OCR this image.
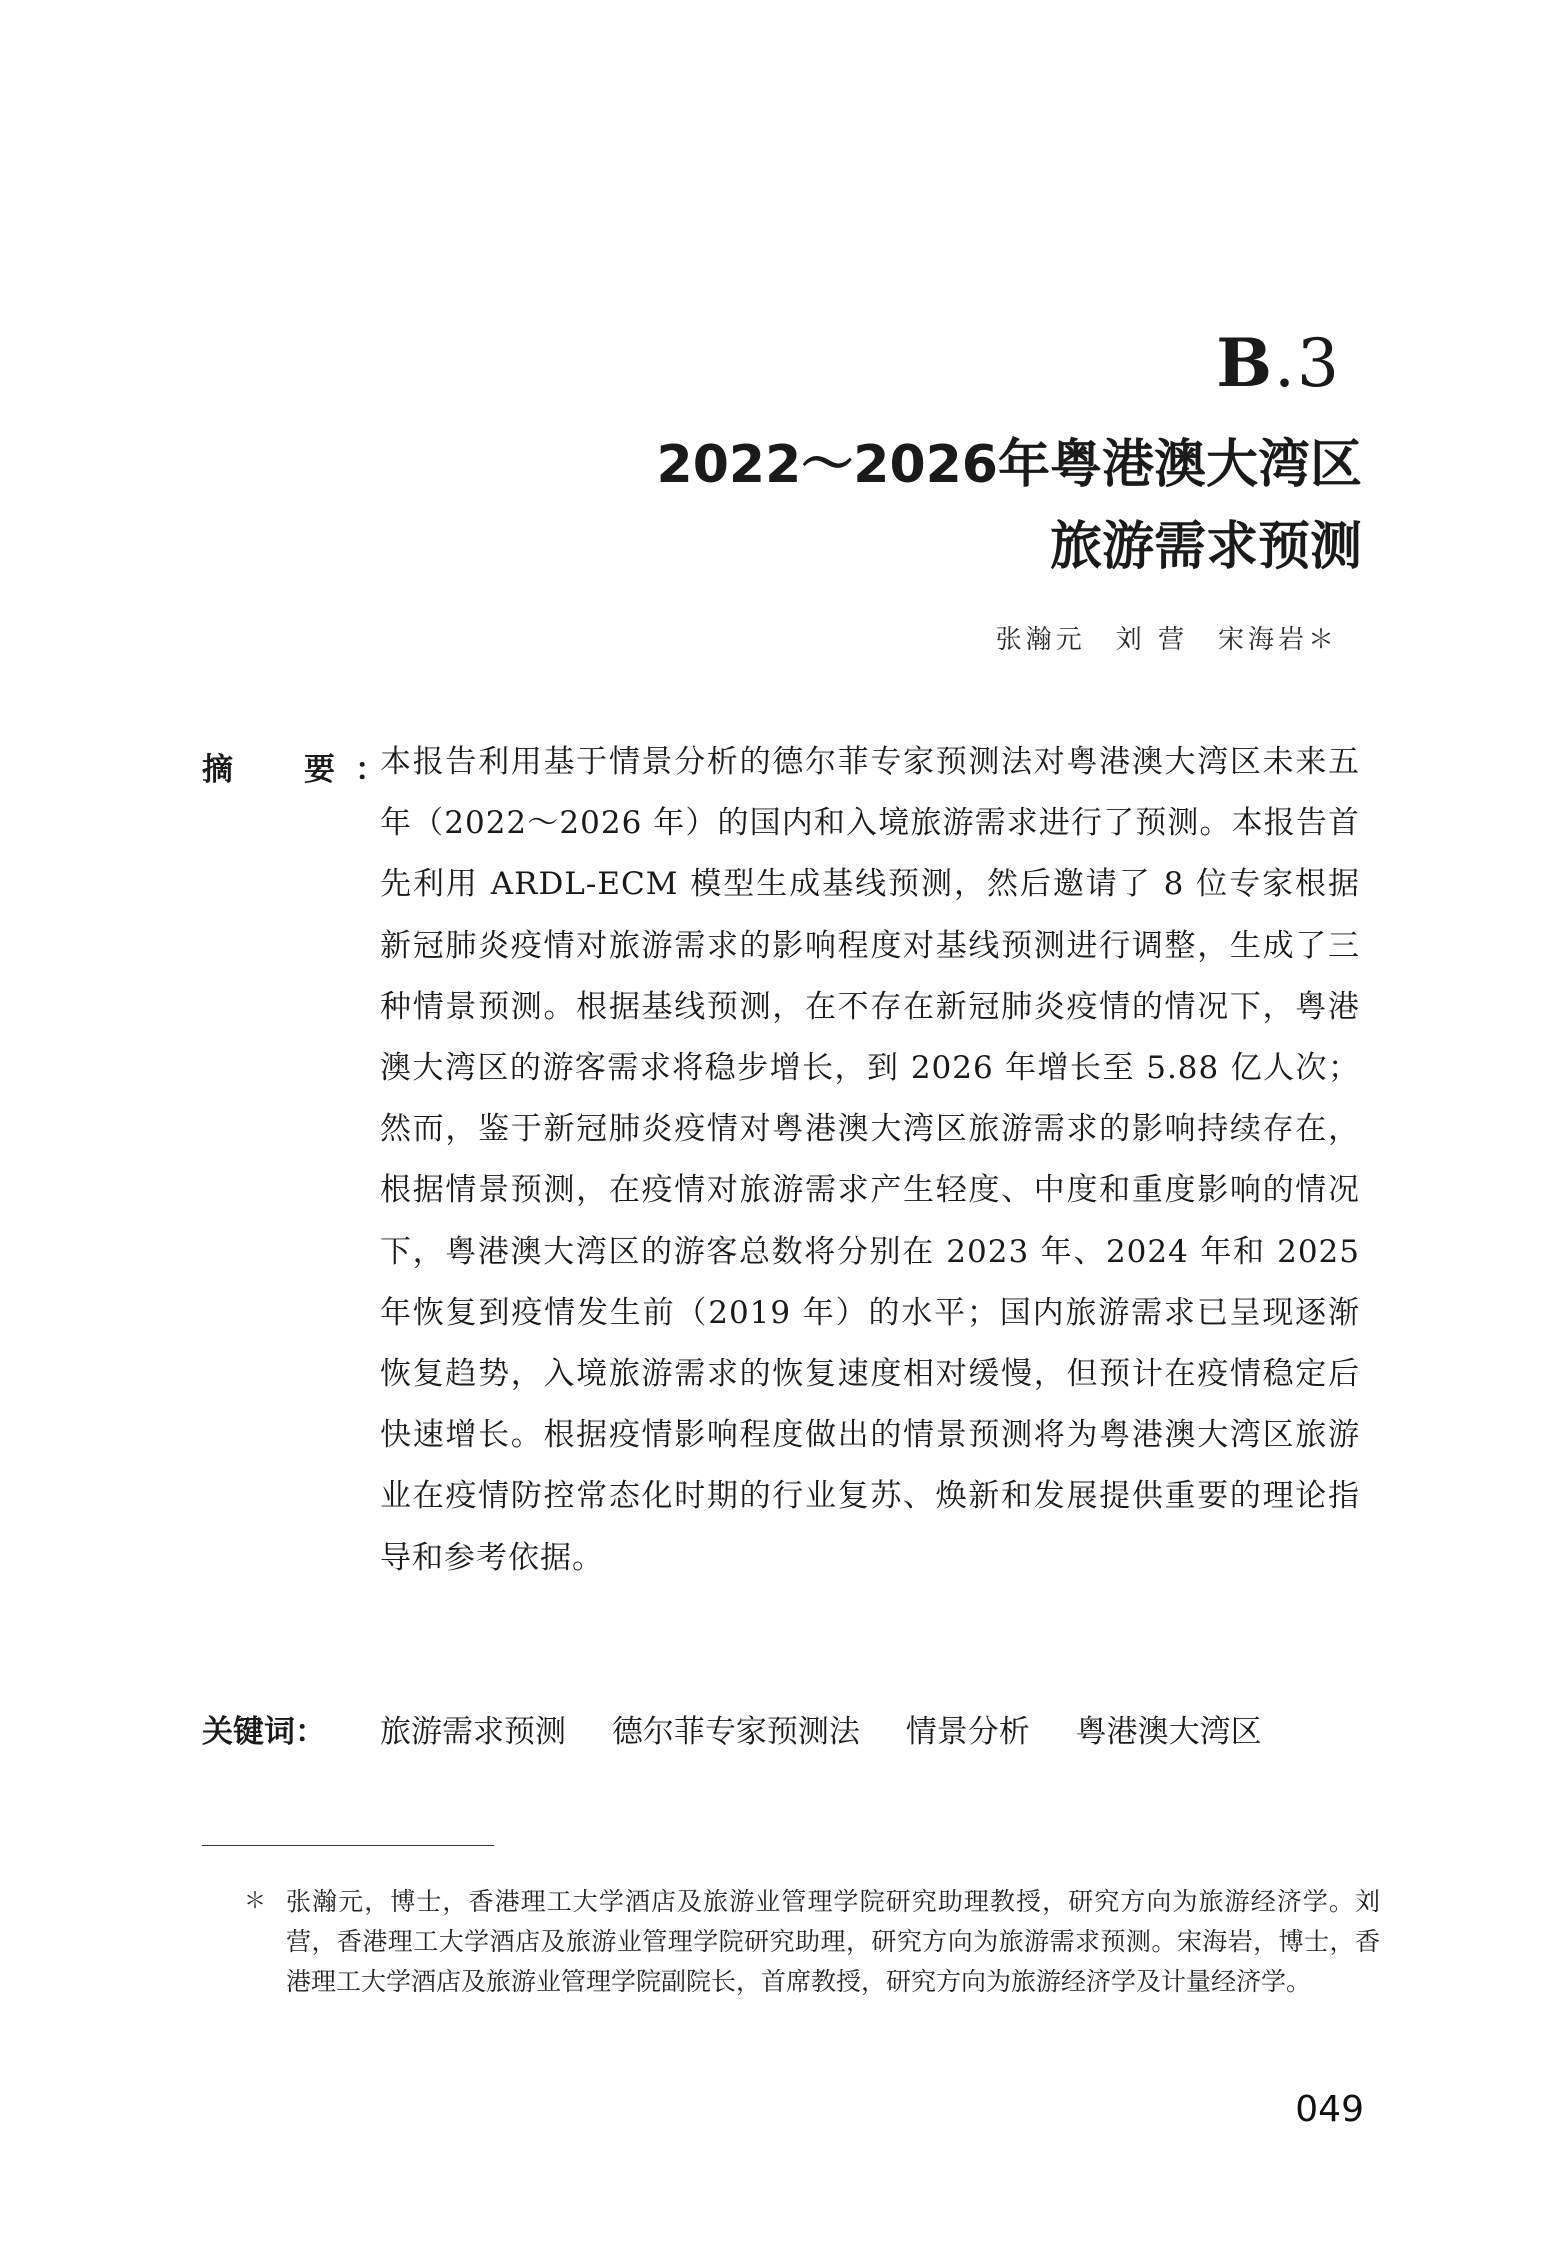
B.3
2022～2026年粤港澳大湾区
旅游需求预测
张瀚元　刘 营　宋海岩＊
摘　要：

本报告利用基于情景分析的德尔菲专家预测法对粤港澳大湾区未来五年（2022～2026 年）的国内和入境旅游需求进行了预测。本报告首先利用 ARDL-ECM 模型生成基线预测，然后邀请了 8 位专家根据新冠肺炎疫情对旅游需求的影响程度对基线预测进行调整，生成了三种情景预测。根据基线预测，在不存在新冠肺炎疫情的情况下，粤港澳大湾区的游客需求将稳步增长，到 2026 年增长至 5.88 亿人次；然而，鉴于新冠肺炎疫情对粤港澳大湾区旅游需求的影响持续存在，根据情景预测，在疫情对旅游需求产生轻度、中度和重度影响的情况下，粤港澳大湾区的游客总数将分别在 2023 年、2024 年和 2025 年恢复到疫情发生前（2019 年）的水平；国内旅游需求已呈现逐渐恢复趋势，入境旅游需求的恢复速度相对缓慢，但预计在疫情稳定后快速增长。根据疫情影响程度做出的情景预测将为粤港澳大湾区旅游业在疫情防控常态化时期的行业复苏、焕新和发展提供重要的理论指导和参考依据。

关键词： 旅游需求预测 德尔菲专家预测法 情景分析 粤港澳大湾区
＊ 张瀚元，博士，香港理工大学酒店及旅游业管理学院研究助理教授，研究方向为旅游经济学。刘营，香港理工大学酒店及旅游业管理学院研究助理，研究方向为旅游需求预测。宋海岩，博士，香港理工大学酒店及旅游业管理学院副院长，首席教授，研究方向为旅游经济学及计量经济学。

049
